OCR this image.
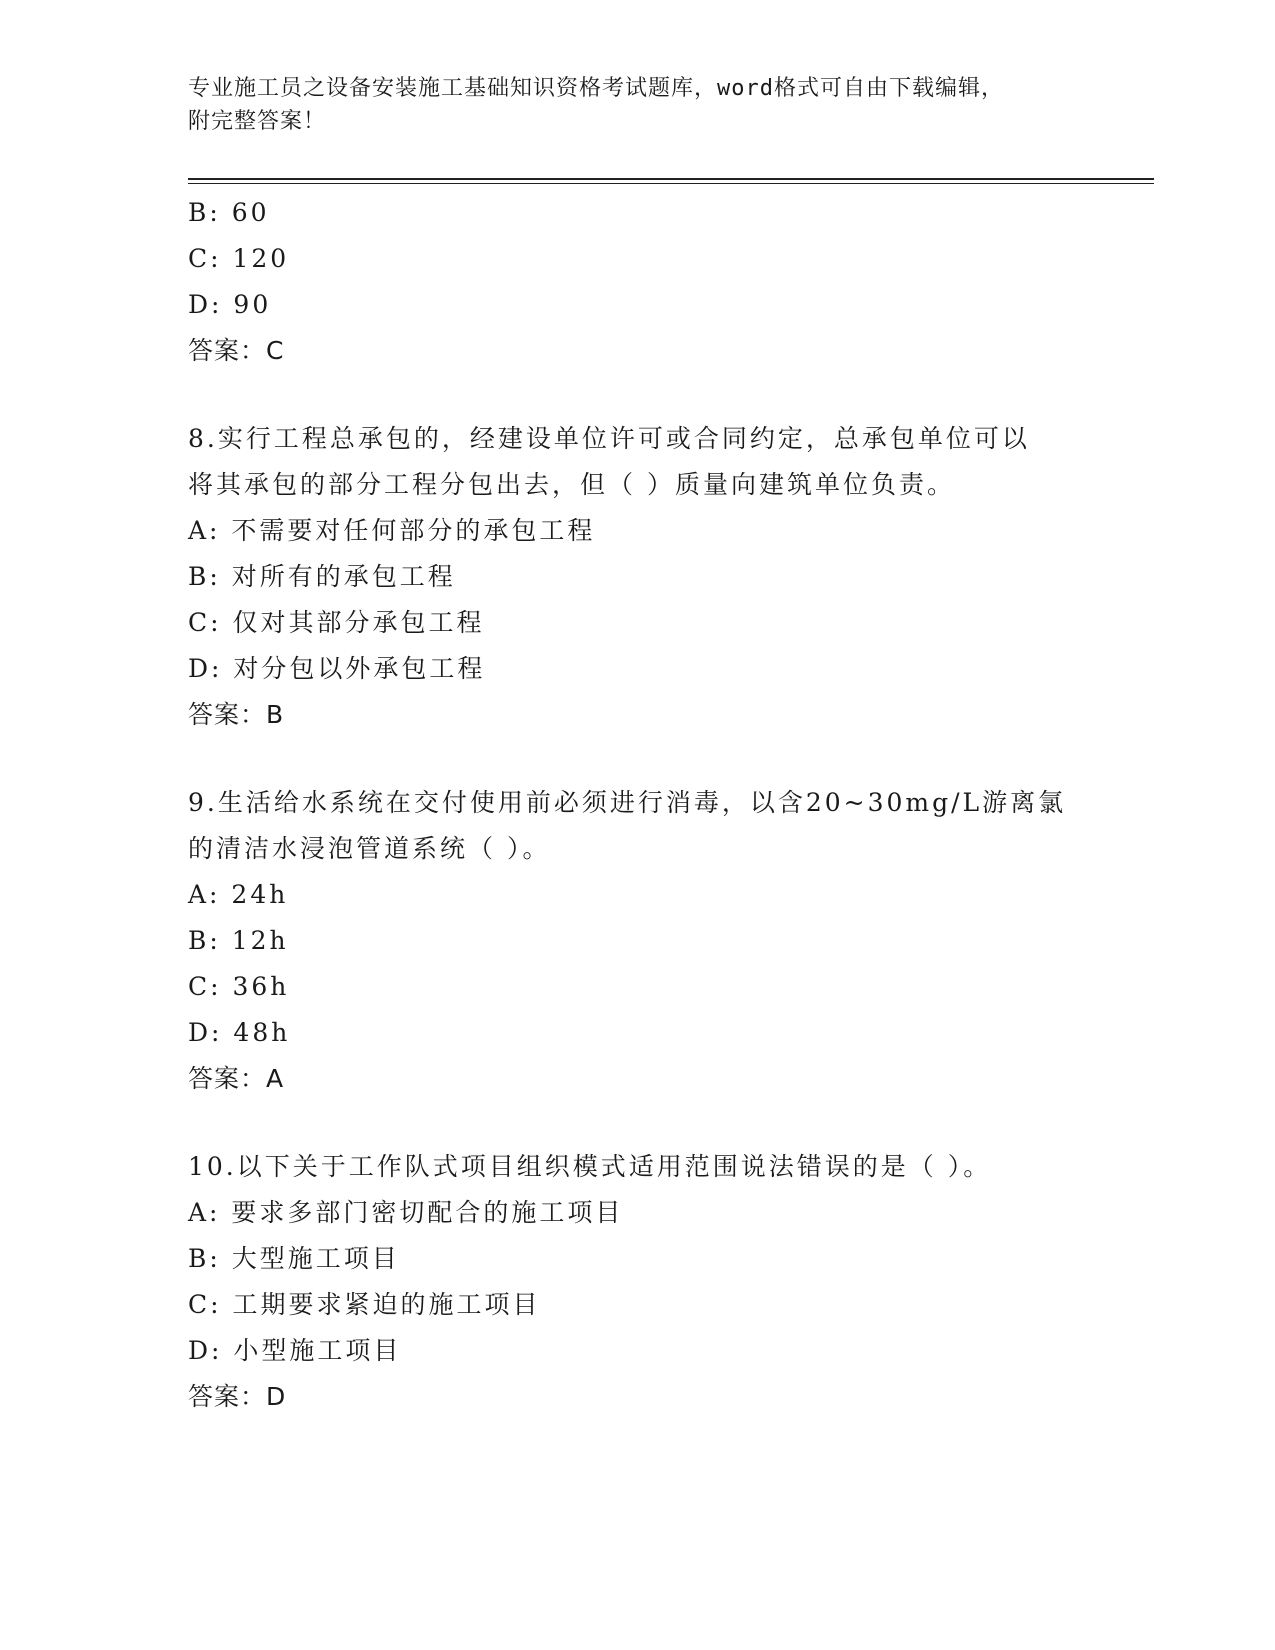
专业施工员之设备安装施工基础知识资格考试题库，word格式可自由下载编辑，
附完整答案！
B: 60
C: 120
D: 90
答案：C
8.实行工程总承包的，经建设单位许可或合同约定，总承包单位可以
将其承包的部分工程分包出去，但（ ）质量向建筑单位负责。
A: 不需要对任何部分的承包工程
B: 对所有的承包工程
C: 仅对其部分承包工程
D: 对分包以外承包工程
答案：B
9.生活给水系统在交付使用前必须进行消毒，以含20~30mg/L游离氯
的清洁水浸泡管道系统（ ）。
A: 24h
B: 12h
C: 36h
D: 48h
答案：A
10.以下关于工作队式项目组织模式适用范围说法错误的是（ ）。
A: 要求多部门密切配合的施工项目
B: 大型施工项目
C: 工期要求紧迫的施工项目
D: 小型施工项目
答案：D
